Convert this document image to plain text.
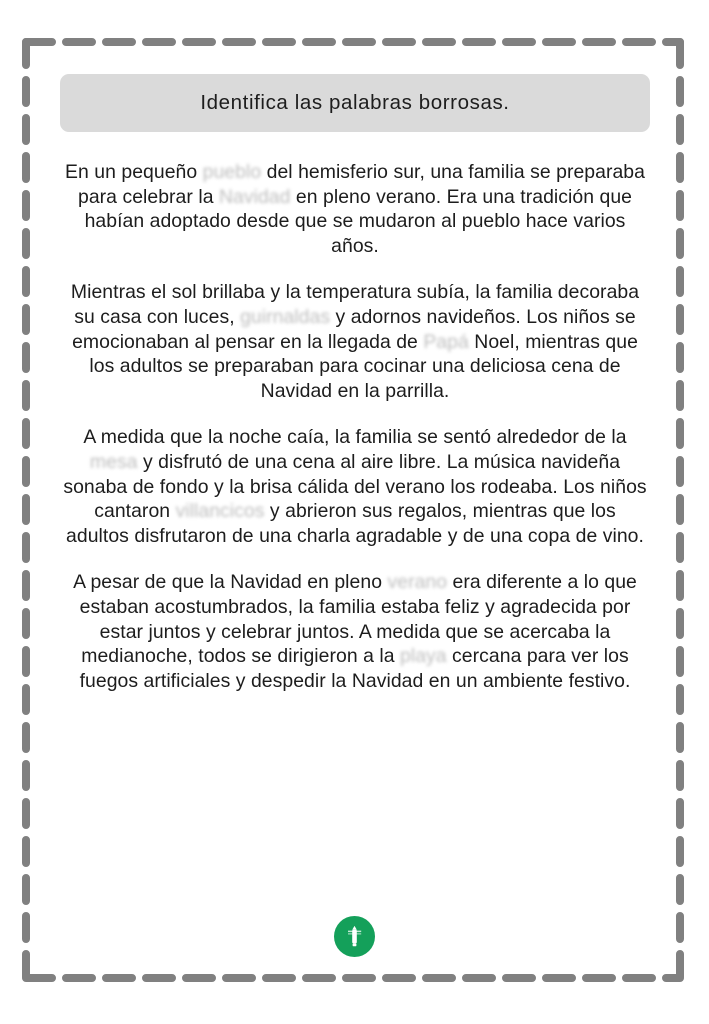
Identifica las palabras borrosas.

En un pequeño pueblo del hemisferio sur, una familia se preparaba para celebrar la Navidad en pleno verano. Era una tradición que habían adoptado desde que se mudaron al pueblo hace varios años.

Mientras el sol brillaba y la temperatura subía, la familia decoraba su casa con luces, guirnaldas y adornos navideños. Los niños se emocionaban al pensar en la llegada de Papá Noel, mientras que los adultos se preparaban para cocinar una deliciosa cena de Navidad en la parrilla.

A medida que la noche caía, la familia se sentó alrededor de la mesa y disfrutó de una cena al aire libre. La música navideña sonaba de fondo y la brisa cálida del verano los rodeaba. Los niños cantaron villancicos y abrieron sus regalos, mientras que los adultos disfrutaron de una charla agradable y de una copa de vino.

A pesar de que la Navidad en pleno verano era diferente a lo que estaban acostumbrados, la familia estaba feliz y agradecida por estar juntos y celebrar juntos. A medida que se acercaba la medianoche, todos se dirigieron a la playa cercana para ver los fuegos artificiales y despedir la Navidad en un ambiente festivo.
